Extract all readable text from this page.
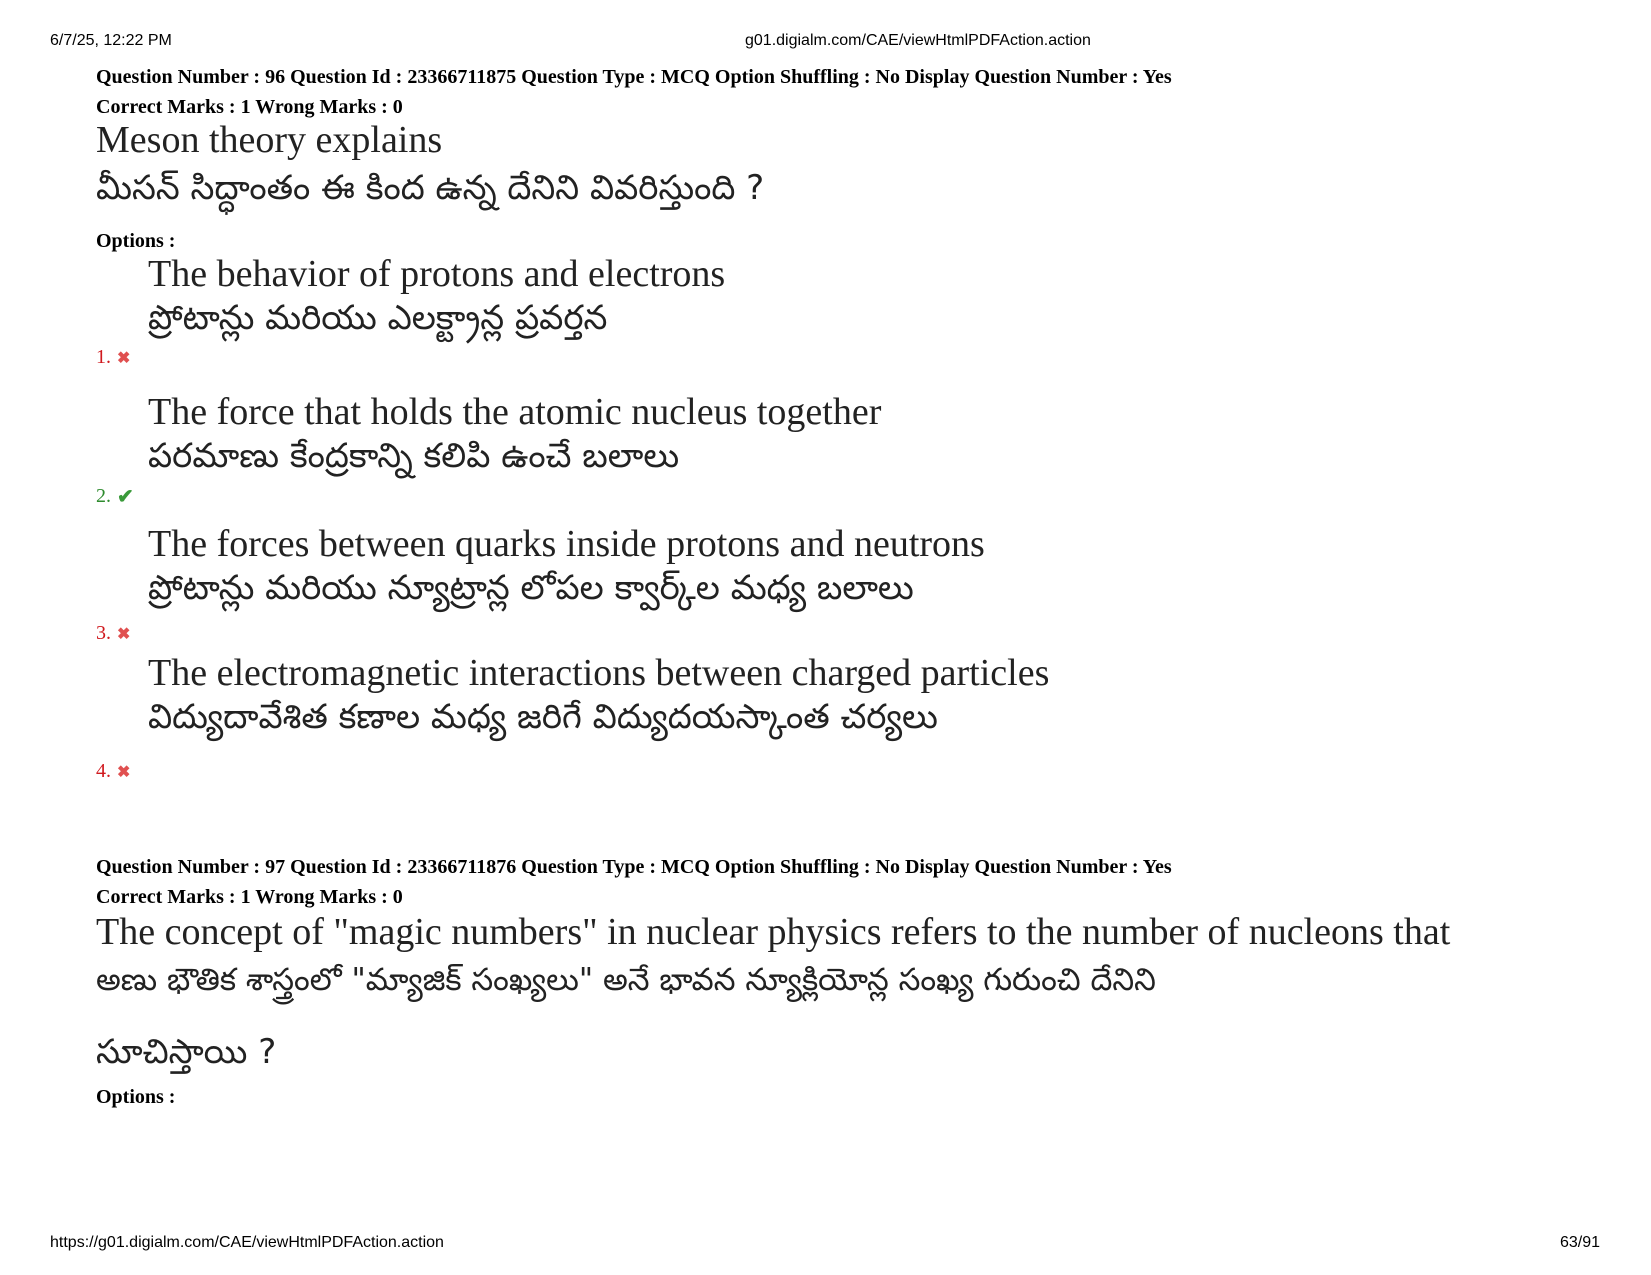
6/7/25, 12:22 PM	g01.digialm.com/CAE/viewHtmlPDFAction.action
Question Number : 96 Question Id : 23366711875 Question Type : MCQ Option Shuffling : No Display Question Number : Yes
Correct Marks : 1 Wrong Marks : 0
Meson theory explains
మీసన్ సిద్ధాంతం ఈ కింద ఉన్న దేనిని వివరిస్తుంది ?
Options :
The behavior of protons and electrons
ప్రోటాన్లు మరియు ఎలక్ట్రాన్ల ప్రవర్తన
1. ✖
The force that holds the atomic nucleus together
పరమాణు కేంద్రకాన్ని కలిపి ఉంచే బలాలు
2. ✔
The forces between quarks inside protons and neutrons
ప్రోటాన్లు మరియు న్యూట్రాన్ల లోపల క్వార్క్‌ల మధ్య బలాలు
3. ✖
The electromagnetic interactions between charged particles
విద్యుదావేశిత కణాల మధ్య జరిగే విద్యుదయస్కాంత చర్యలు
4. ✖
Question Number : 97 Question Id : 23366711876 Question Type : MCQ Option Shuffling : No Display Question Number : Yes
Correct Marks : 1 Wrong Marks : 0
The concept of "magic numbers" in nuclear physics refers to the number of nucleons that
అణు భౌతిక శాస్త్రంలో "మ్యాజిక్ సంఖ్యలు" అనే భావన న్యూక్లియోన్ల సంఖ్య గురుంచి దేనిని
సూచిస్తాయి ?
Options :
https://g01.digialm.com/CAE/viewHtmlPDFAction.action	63/91
